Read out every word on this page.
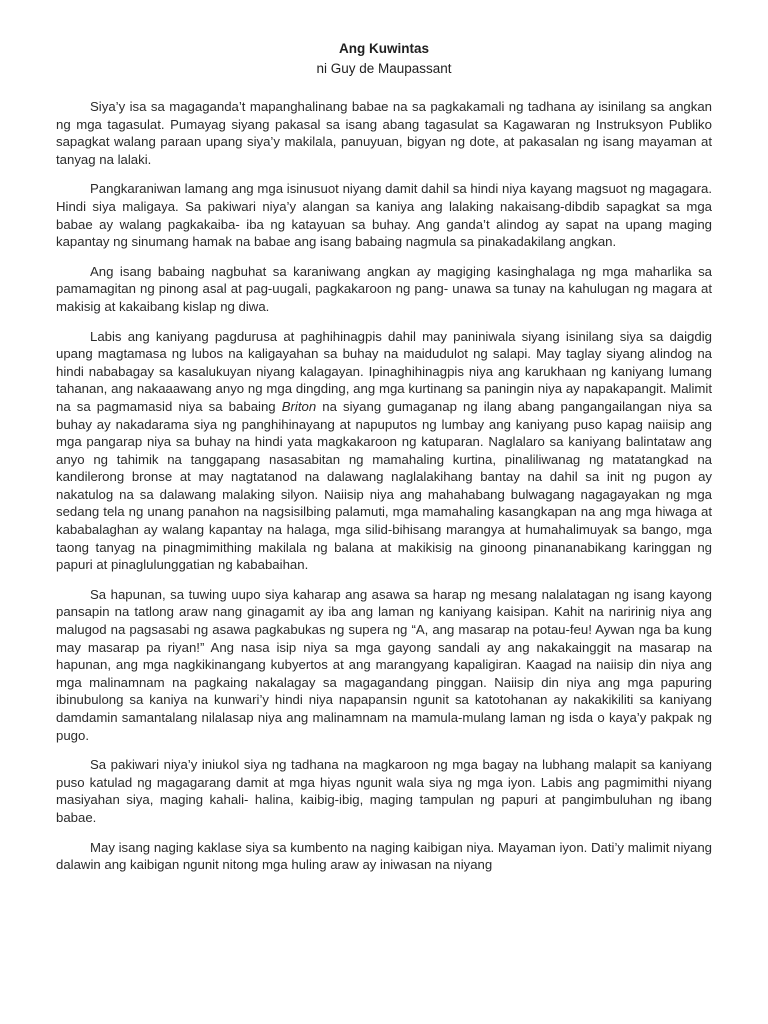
Ang Kuwintas

ni Guy de Maupassant

Siya’y isa sa magaganda’t mapanghalinang babae na sa pagkakamali ng tadhana ay isinilang sa angkan ng mga tagasulat. Pumayag siyang pakasal sa isang abang tagasulat sa Kagawaran ng Instruksyon Publiko sapagkat walang paraan upang siya’y makilala, panuyuan, bigyan ng dote, at pakasalan ng isang mayaman at tanyag na lalaki.

Pangkaraniwan lamang ang mga isinusuot niyang damit dahil sa hindi niya kayang magsuot ng magagara. Hindi siya maligaya. Sa pakiwari niya’y alangan sa kaniya ang lalaking nakaisang-dibdib sapagkat sa mga babae ay walang pagkakaiba- iba ng katayuan sa buhay. Ang ganda’t alindog ay sapat na upang maging kapantay ng sinumang hamak na babae ang isang babaing nagmula sa pinakadakilang angkan.

Ang isang babaing nagbuhat sa karaniwang angkan ay magiging kasinghalaga ng mga maharlika sa pamamagitan ng pinong asal at pag-uugali, pagkakaroon ng pang- unawa sa tunay na kahulugan ng magara at makisig at kakaibang kislap ng diwa.

Labis ang kaniyang pagdurusa at paghihinagpis dahil may paniniwala siyang isinilang siya sa daigdig upang magtamasa ng lubos na kaligayahan sa buhay na maidudulot ng salapi. May taglay siyang alindog na hindi nababagay sa kasalukuyan niyang kalagayan. Ipinaghihinagpis niya ang karukhaan ng kaniyang lumang tahanan, ang nakaaawang anyo ng mga dingding, ang mga kurtinang sa paningin niya ay napakapangit. Malimit na sa pagmamasid niya sa babaing Briton na siyang gumaganap ng ilang abang pangangailangan niya sa buhay ay nakadarama siya ng panghihinayang at napuputos ng lumbay ang kaniyang puso kapag naiisip ang mga pangarap niya sa buhay na hindi yata magkakaroon ng katuparan. Naglalaro sa kaniyang balintataw ang anyo ng tahimik na tanggapang nasasabitan ng mamahaling kurtina, pinaliliwanag ng matatangkad na kandilerong bronse at may nagtatanod na dalawang naglalakihang bantay na dahil sa init ng pugon ay nakatulog na sa dalawang malaking silyon. Naiisip niya ang mahahabang bulwagang nagagayakan ng mga sedang tela ng unang panahon na nagsisilbing palamuti, mga mamahaling kasangkapan na ang mga hiwaga at kababalaghan ay walang kapantay na halaga, mga silid-bihisang marangya at humahalimuyak sa bango, mga taong tanyag na pinagmimithing makilala ng balana at makikisig na ginoong pinananabikang karinggan ng papuri at pinaglulunggatian ng kababaihan.

Sa hapunan, sa tuwing uupo siya kaharap ang asawa sa harap ng mesang nalalatagan ng isang kayong pansapin na tatlong araw nang ginagamit ay iba ang laman ng kaniyang kaisipan. Kahit na naririnig niya ang malugod na pagsasabi ng asawa pagkabukas ng supera ng “A, ang masarap na potau-feu! Aywan nga ba kung may masarap pa riyan!” Ang nasa isip niya sa mga gayong sandali ay ang nakakainggit na masarap na hapunan, ang mga nagkikinangang kubyertos at ang marangyang kapaligiran. Kaagad na naiisip din niya ang mga malinamnam na pagkaing nakalagay sa magagandang pinggan. Naiisip din niya ang mga papuring ibinubulong sa kaniya na kunwari’y hindi niya napapansin ngunit sa katotohanan ay nakakikiliti sa kaniyang damdamin samantalang nilalasap niya ang malinamnam na mamula-mulang laman ng isda o kaya’y pakpak ng pugo.

Sa pakiwari niya’y iniukol siya ng tadhana na magkaroon ng mga bagay na lubhang malapit sa kaniyang puso katulad ng magagarang damit at mga hiyas ngunit wala siya ng mga iyon. Labis ang pagmimithi niyang masiyahan siya, maging kahali- halina, kaibig-ibig, maging tampulan ng papuri at pangimbuluhan ng ibang babae.

May isang naging kaklase siya sa kumbento na naging kaibigan niya. Mayaman iyon. Dati’y malimit niyang dalawin ang kaibigan ngunit nitong mga huling araw ay iniwasan na niyang
